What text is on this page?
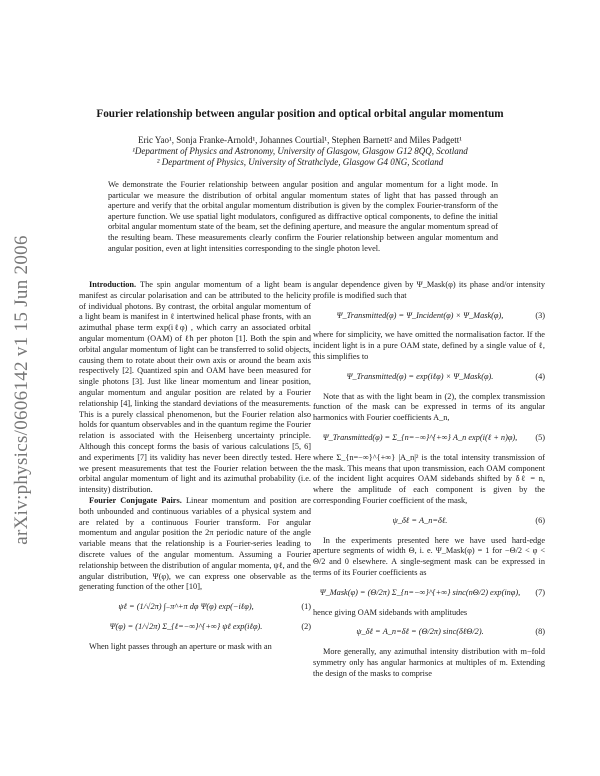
arXiv:physics/0606142 v1 15 Jun 2006
Fourier relationship between angular position and optical orbital angular momentum
Eric Yao¹, Sonja Franke-Arnold¹, Johannes Courtial¹, Stephen Barnett² and Miles Padgett¹
¹Department of Physics and Astronomy, University of Glasgow, Glasgow G12 8QQ, Scotland
² Department of Physics, University of Strathclyde, Glasgow G4 0NG, Scotland
We demonstrate the Fourier relationship between angular position and angular momentum for a light mode. In particular we measure the distribution of orbital angular momentum states of light that has passed through an aperture and verify that the orbital angular momentum distribution is given by the complex Fourier-transform of the aperture function. We use spatial light modulators, configured as diffractive optical components, to define the initial orbital angular momentum state of the beam, set the defining aperture, and measure the angular momentum spread of the resulting beam. These measurements clearly confirm the Fourier relationship between angular momentum and angular position, even at light intensities corresponding to the single photon level.

Introduction. The spin angular momentum of a light beam is manifest as circular polarisation and can be attributed to the helicity of individual photons. By contrast, the orbital angular momentum of a light beam is manifest in ℓ intertwined helical phase fronts, with an azimuthal phase term exp(iℓφ) , which carry an associated orbital angular momentum (OAM) of ℓħ per photon [1]. Both the spin and orbital angular momentum of light can be transferred to solid objects, causing them to rotate about their own axis or around the beam axis respectively [2]. Quantized spin and OAM have been measured for single photons [3]. Just like linear momentum and linear position, angular momentum and angular position are related by a Fourier relationship [4], linking the standard deviations of the measurements. This is a purely classical phenomenon, but the Fourier relation also holds for quantum observables and in the quantum regime the Fourier relation is associated with the Heisenberg uncertainty principle. Although this concept forms the basis of various calculations [5, 6] and experiments [7] its validity has never been directly tested. Here we present measurements that test the Fourier relation between the orbital angular momentum of light and its azimuthal probability (i.e. intensity) distribution.

Fourier Conjugate Pairs. Linear momentum and position are both unbounded and continuous variables of a physical system and are related by a continuous Fourier transform. For angular momentum and angular position the 2π periodic nature of the angle variable means that the relationship is a Fourier-series leading to discrete values of the angular momentum. Assuming a Fourier relationship between the distribution of angular momenta, ψℓ, and the angular distribution, Ψ(φ), we can express one observable as the generating function of the other [10],

ψℓ = (1/√2π) ∫₋π^+π dφ Ψ(φ) exp(−iℓφ),	(1)
Ψ(φ) = (1/√2π) Σ_{ℓ=−∞}^{+∞} ψℓ exp(iℓφ).	(2)

When light passes through an aperture or mask with an

angular dependence given by Ψ_Mask(φ) its phase and/or intensity profile is modified such that

Ψ_Transmitted(φ) = Ψ_Incident(φ) × Ψ_Mask(φ),	(3)

where for simplicity, we have omitted the normalisation factor. If the incident light is in a pure OAM state, defined by a single value of ℓ, this simplifies to

Ψ_Transmitted(φ) = exp(iℓφ) × Ψ_Mask(φ).	(4)

Note that as with the light beam in (2), the complex transmission function of the mask can be expressed in terms of its angular harmonics with Fourier coefficients A_n,

Ψ_Transmitted(φ) = Σ_{n=−∞}^{+∞} A_n exp(i(ℓ + n)φ),	(5)

where Σ_{n=−∞}^{+∞} |A_n|² is the total intensity transmission of the mask. This means that upon transmission, each OAM component of the incident light acquires OAM sidebands shifted by δℓ = n, where the amplitude of each component is given by the corresponding Fourier coefficient of the mask,

ψ_δℓ = A_n=δℓ.	(6)

In the experiments presented here we have used hard-edge aperture segments of width Θ, i. e. Ψ_Mask(φ) = 1 for −Θ/2 < φ < Θ/2 and 0 elsewhere. A single-segment mask can be expressed in terms of its Fourier coefficients as

Ψ_Mask(φ) = (Θ/2π) Σ_{n=−∞}^{+∞} sinc(nΘ/2) exp(inφ),	(7)

hence giving OAM sidebands with amplitudes

ψ_δℓ = A_n=δℓ = (Θ/2π) sinc(δℓΘ/2).	(8)

More generally, any azimuthal intensity distribution with m−fold symmetry only has angular harmonics at multiples of m. Extending the design of the masks to comprise
